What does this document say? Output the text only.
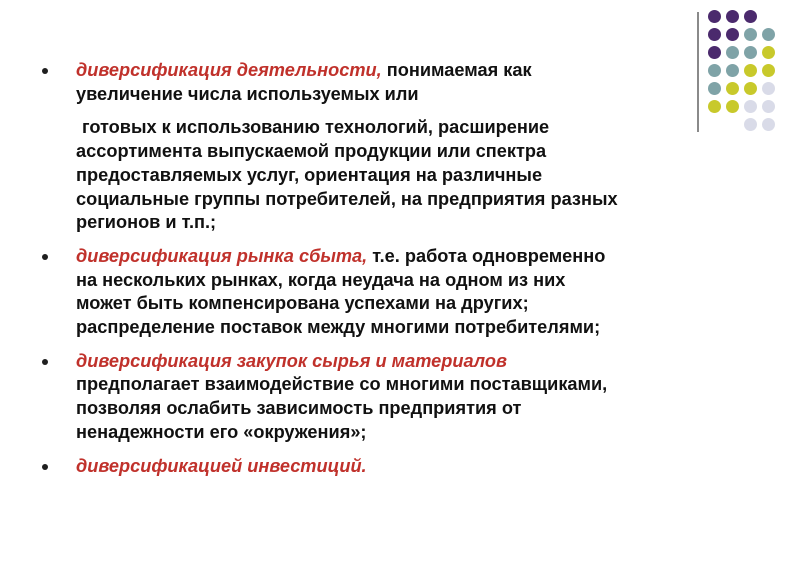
диверсификация деятельности, понимаемая как
увеличение числа используемых или
готовых к использованию технологий, расширение
ассортимента выпускаемой продукции или спектра
предоставляемых услуг, ориентация на различные
социальные группы потребителей, на предприятия разных
регионов и т.п.;
диверсификация рынка сбыта, т.е. работа одновременно
на нескольких рынках, когда неудача на одном из них
может быть компенсирована успехами на других;
распределение поставок между многими потребителями;
диверсификация закупок сырья и материалов
предполагает взаимодействие со многими поставщиками,
позволяя ослабить зависимость предприятия от
ненадежности его «окружения»;
диверсификацией инвестиций.
